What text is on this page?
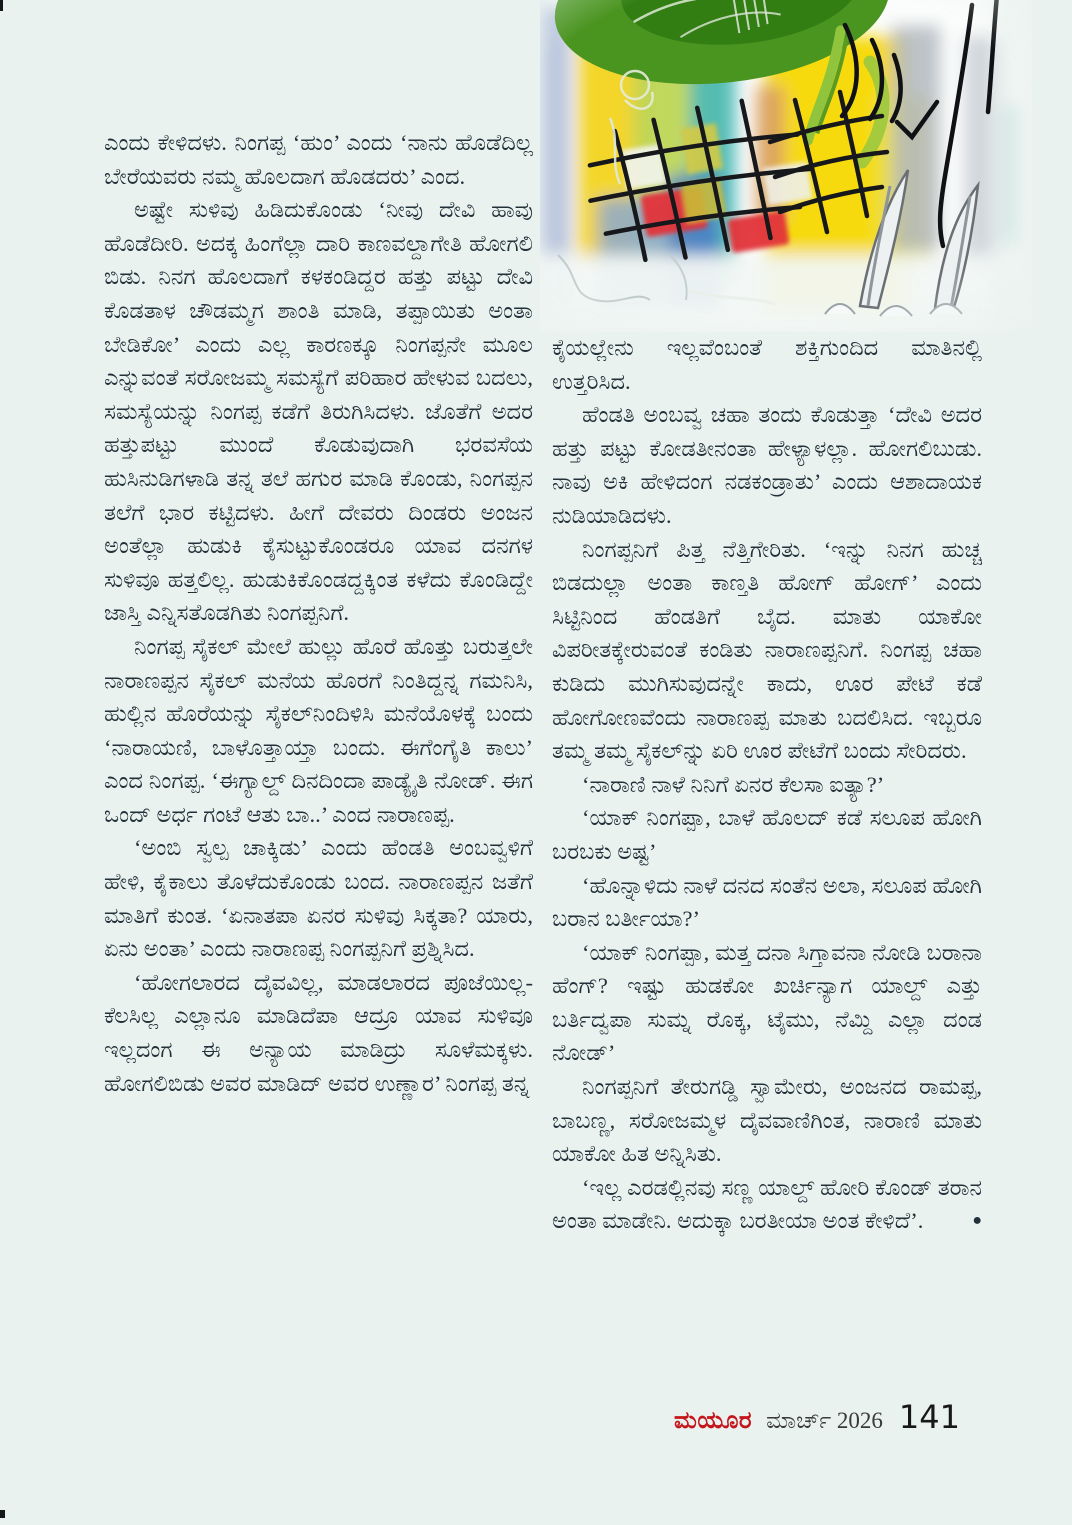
ಎಂದು ಕೇಳಿದಳು. ನಿಂಗಪ್ಪ ‘ಹುಂ’ ಎಂದು ‘ನಾನು ಹೊಡೆದಿಲ್ಲ ಬೇರೆಯವರು ನಮ್ಮ ಹೊಲದಾಗ ಹೊಡದರು’ ಎಂದ.

ಅಷ್ಟೇ ಸುಳಿವು ಹಿಡಿದುಕೊಂಡು ‘ನೀವು ದೇವಿ ಹಾವು ಹೊಡೆದೀರಿ. ಅದಕ್ಕ ಹಿಂಗೆಲ್ಲಾ ದಾರಿ ಕಾಣವಲ್ದಾಗೇತಿ ಹೋಗಲಿ ಬಿಡು. ನಿನಗ ಹೊಲದಾಗೆ ಕಳಕಂಡಿದ್ದರ ಹತ್ತು ಪಟ್ಟು ದೇವಿ ಕೊಡತಾಳ ಚೌಡಮ್ಮಗ ಶಾಂತಿ ಮಾಡಿ, ತಪ್ಪಾಯಿತು ಅಂತಾ ಬೇಡಿಕೋ’ ಎಂದು ಎಲ್ಲ ಕಾರಣಕ್ಕೂ ನಿಂಗಪ್ಪನೇ ಮೂಲ ಎನ್ನುವಂತೆ ಸರೋಜಮ್ಮ ಸಮಸ್ಯೆಗೆ ಪರಿಹಾರ ಹೇಳುವ ಬದಲು, ಸಮಸ್ಯೆಯನ್ನು ನಿಂಗಪ್ಪ ಕಡೆಗೆ ತಿರುಗಿಸಿದಳು. ಜೊತೆಗೆ ಅದರ ಹತ್ತುಪಟ್ಟು ಮುಂದೆ ಕೊಡುವುದಾಗಿ ಭರವಸೆಯ ಹುಸಿನುಡಿಗಳಾಡಿ ತನ್ನ ತಲೆ ಹಗುರ ಮಾಡಿ ಕೊಂಡು, ನಿಂಗಪ್ಪನ ತಲೆಗೆ ಭಾರ ಕಟ್ಟಿದಳು. ಹೀಗೆ ದೇವರು ದಿಂಡರು ಅಂಜನ ಅಂತೆಲ್ಲಾ ಹುಡುಕಿ ಕೈಸುಟ್ಟುಕೊಂಡರೂ ಯಾವ ದನಗಳ ಸುಳಿವೂ ಹತ್ತಲಿಲ್ಲ. ಹುಡುಕಿಕೊಂಡದ್ದಕ್ಕಿಂತ ಕಳೆದು ಕೊಂಡಿದ್ದೇ ಜಾಸ್ತಿ ಎನ್ನಿಸತೊಡಗಿತು ನಿಂಗಪ್ಪನಿಗೆ.

ನಿಂಗಪ್ಪ ಸೈಕಲ್ ಮೇಲೆ ಹುಲ್ಲು ಹೊರೆ ಹೊತ್ತು ಬರುತ್ತಲೇ ನಾರಾಣಪ್ಪನ ಸೈಕಲ್ ಮನೆಯ ಹೊರಗೆ ನಿಂತಿದ್ದನ್ನ ಗಮನಿಸಿ, ಹುಲ್ಲಿನ ಹೊರೆಯನ್ನು ಸೈಕಲ್‌ನಿಂದಿಳಿಸಿ ಮನೆಯೊಳಕ್ಕೆ ಬಂದು ‘ನಾರಾಯಣಿ, ಬಾಳೊತ್ತಾಯ್ತಾ ಬಂದು. ಈಗೆಂಗೈತಿ ಕಾಲು’ ಎಂದ ನಿಂಗಪ್ಪ. ‘ಈಗ್ಯಾಲ್ದ್ ದಿನದಿಂದಾ ಪಾಡ್ಯೈತಿ ನೋಡ್. ಈಗ ಒಂದ್ ಅರ್ಧ ಗಂಟೆ ಆತು ಬಾ..’ ಎಂದ ನಾರಾಣಪ್ಪ.

‘ಅಂಬಿ ಸ್ವಲ್ಪ ಚಾಕ್ಕಿಡು’ ಎಂದು ಹೆಂಡತಿ ಅಂಬವ್ವಳಿಗೆ ಹೇಳಿ, ಕೈಕಾಲು ತೊಳೆದುಕೊಂಡು ಬಂದ. ನಾರಾಣಪ್ಪನ ಜತೆಗೆ ಮಾತಿಗೆ ಕುಂತ. ‘ಏನಾತಪಾ ಏನರ ಸುಳಿವು ಸಿಕ್ಕತಾ? ಯಾರು, ಏನು ಅಂತಾ’ ಎಂದು ನಾರಾಣಪ್ಪ ನಿಂಗಪ್ಪನಿಗೆ ಪ್ರಶ್ನಿಸಿದ.

‘ಹೋಗಲಾರದ ದೈವವಿಲ್ಲ, ಮಾಡಲಾರದ ಪೂಜೆಯಿಲ್ಲ-ಕೆಲಸಿಲ್ಲ ಎಲ್ಲಾನೂ ಮಾಡಿದೆಪಾ ಆದ್ರೂ ಯಾವ ಸುಳಿವೂ ಇಲ್ಲದಂಗ ಈ ಅನ್ಯಾಯ ಮಾಡಿದ್ರು ಸೂಳೆಮಕ್ಕಳು. ಹೋಗಲಿಬಿಡು ಅವರ ಮಾಡಿದ್ ಅವರ ಉಣ್ಣಾರ’ ನಿಂಗಪ್ಪ ತನ್ನ

ಕೈಯಲ್ಲೇನು ಇಲ್ಲವೆಂಬಂತೆ ಶಕ್ತಿಗುಂದಿದ ಮಾತಿನಲ್ಲಿ ಉತ್ತರಿಸಿದ.

ಹೆಂಡತಿ ಅಂಬವ್ವ ಚಹಾ ತಂದು ಕೊಡುತ್ತಾ ‘ದೇವಿ ಅದರ ಹತ್ತು ಪಟ್ಟು ಕೋಡತೀನಂತಾ ಹೇಳ್ಯಾಳಲ್ಲಾ. ಹೋಗಲಿಬುಡು. ನಾವು ಅಕಿ ಹೇಳಿದಂಗ ನಡಕಂಡ್ರಾತು’ ಎಂದು ಆಶಾದಾಯಕ ನುಡಿಯಾಡಿದಳು.

ನಿಂಗಪ್ಪನಿಗೆ ಪಿತ್ತ ನೆತ್ತಿಗೇರಿತು. ‘ಇನ್ನು ನಿನಗ ಹುಚ್ಚ ಬಿಡದುಲ್ಲಾ ಅಂತಾ ಕಾಣ್ತತಿ ಹೋಗ್ ಹೋಗ್’ ಎಂದು ಸಿಟ್ಟಿನಿಂದ ಹೆಂಡತಿಗೆ ಬೈದ. ಮಾತು ಯಾಕೋ ವಿಪರೀತಕ್ಕೇರುವಂತೆ ಕಂಡಿತು ನಾರಾಣಪ್ಪನಿಗೆ. ನಿಂಗಪ್ಪ ಚಹಾ ಕುಡಿದು ಮುಗಿಸುವುದನ್ನೇ ಕಾದು, ಊರ ಪೇಟೆ ಕಡೆ ಹೋಗೋಣವೆಂದು ನಾರಾಣಪ್ಪ ಮಾತು ಬದಲಿಸಿದ. ಇಬ್ಬರೂ ತಮ್ಮ ತಮ್ಮ ಸೈಕಲ್‌ನ್ನು ಏರಿ ಊರ ಪೇಟೆಗೆ ಬಂದು ಸೇರಿದರು.

‘ನಾರಾಣಿ ನಾಳೆ ನಿನಿಗೆ ಏನರ ಕೆಲಸಾ ಐತ್ಯಾ?’

‘ಯಾಕ್ ನಿಂಗಪ್ಪಾ, ಬಾಳೆ ಹೊಲದ್ ಕಡೆ ಸಲೂಪ ಹೋಗಿ ಬರಬಕು ಅಷ್ಟ’

‘ಹೊನ್ನಾಳಿದು ನಾಳೆ ದನದ ಸಂತೆನ ಅಲಾ, ಸಲೂಪ ಹೋಗಿ ಬರಾನ ಬರ್ತೀಯಾ?’

‘ಯಾಕ್ ನಿಂಗಪ್ಪಾ, ಮತ್ತ ದನಾ ಸಿಗ್ತಾವನಾ ನೋಡಿ ಬರಾನಾ ಹೆಂಗ್? ಇಷ್ಟು ಹುಡಕೋ ಖರ್ಚಿನ್ಯಾಗ ಯಾಲ್ದ್ ಎತ್ತು ಬರ್ತಿದ್ವಪಾ ಸುಮ್ನ ರೊಕ್ಕ, ಟೈಮು, ನೆಮ್ದಿ ಎಲ್ಲಾ ದಂಡ ನೋಡ್’

ನಿಂಗಪ್ಪನಿಗೆ ತೇರುಗಡ್ಡಿ ಸ್ವಾಮೇರು, ಅಂಜನದ ರಾಮಪ್ಪ, ಬಾಬಣ್ಣ, ಸರೋಜಮ್ಮಳ ದೈವವಾಣಿಗಿಂತ, ನಾರಾಣಿ ಮಾತು ಯಾಕೋ ಹಿತ ಅನ್ನಿಸಿತು.

‘ಇಲ್ಲ ಎರಡಲ್ಲಿನವು ಸಣ್ಣ ಯಾಲ್ದ್ ಹೋರಿ ಕೊಂಡ್ ತರಾನ ಅಂತಾ ಮಾಡೇನಿ. ಅದುಕ್ಕಾ ಬರತೀಯಾ ಅಂತ ಕೇಳಿದೆ’.	●

ಮಯೂರ ಮಾರ್ಚ್ 2026 141
